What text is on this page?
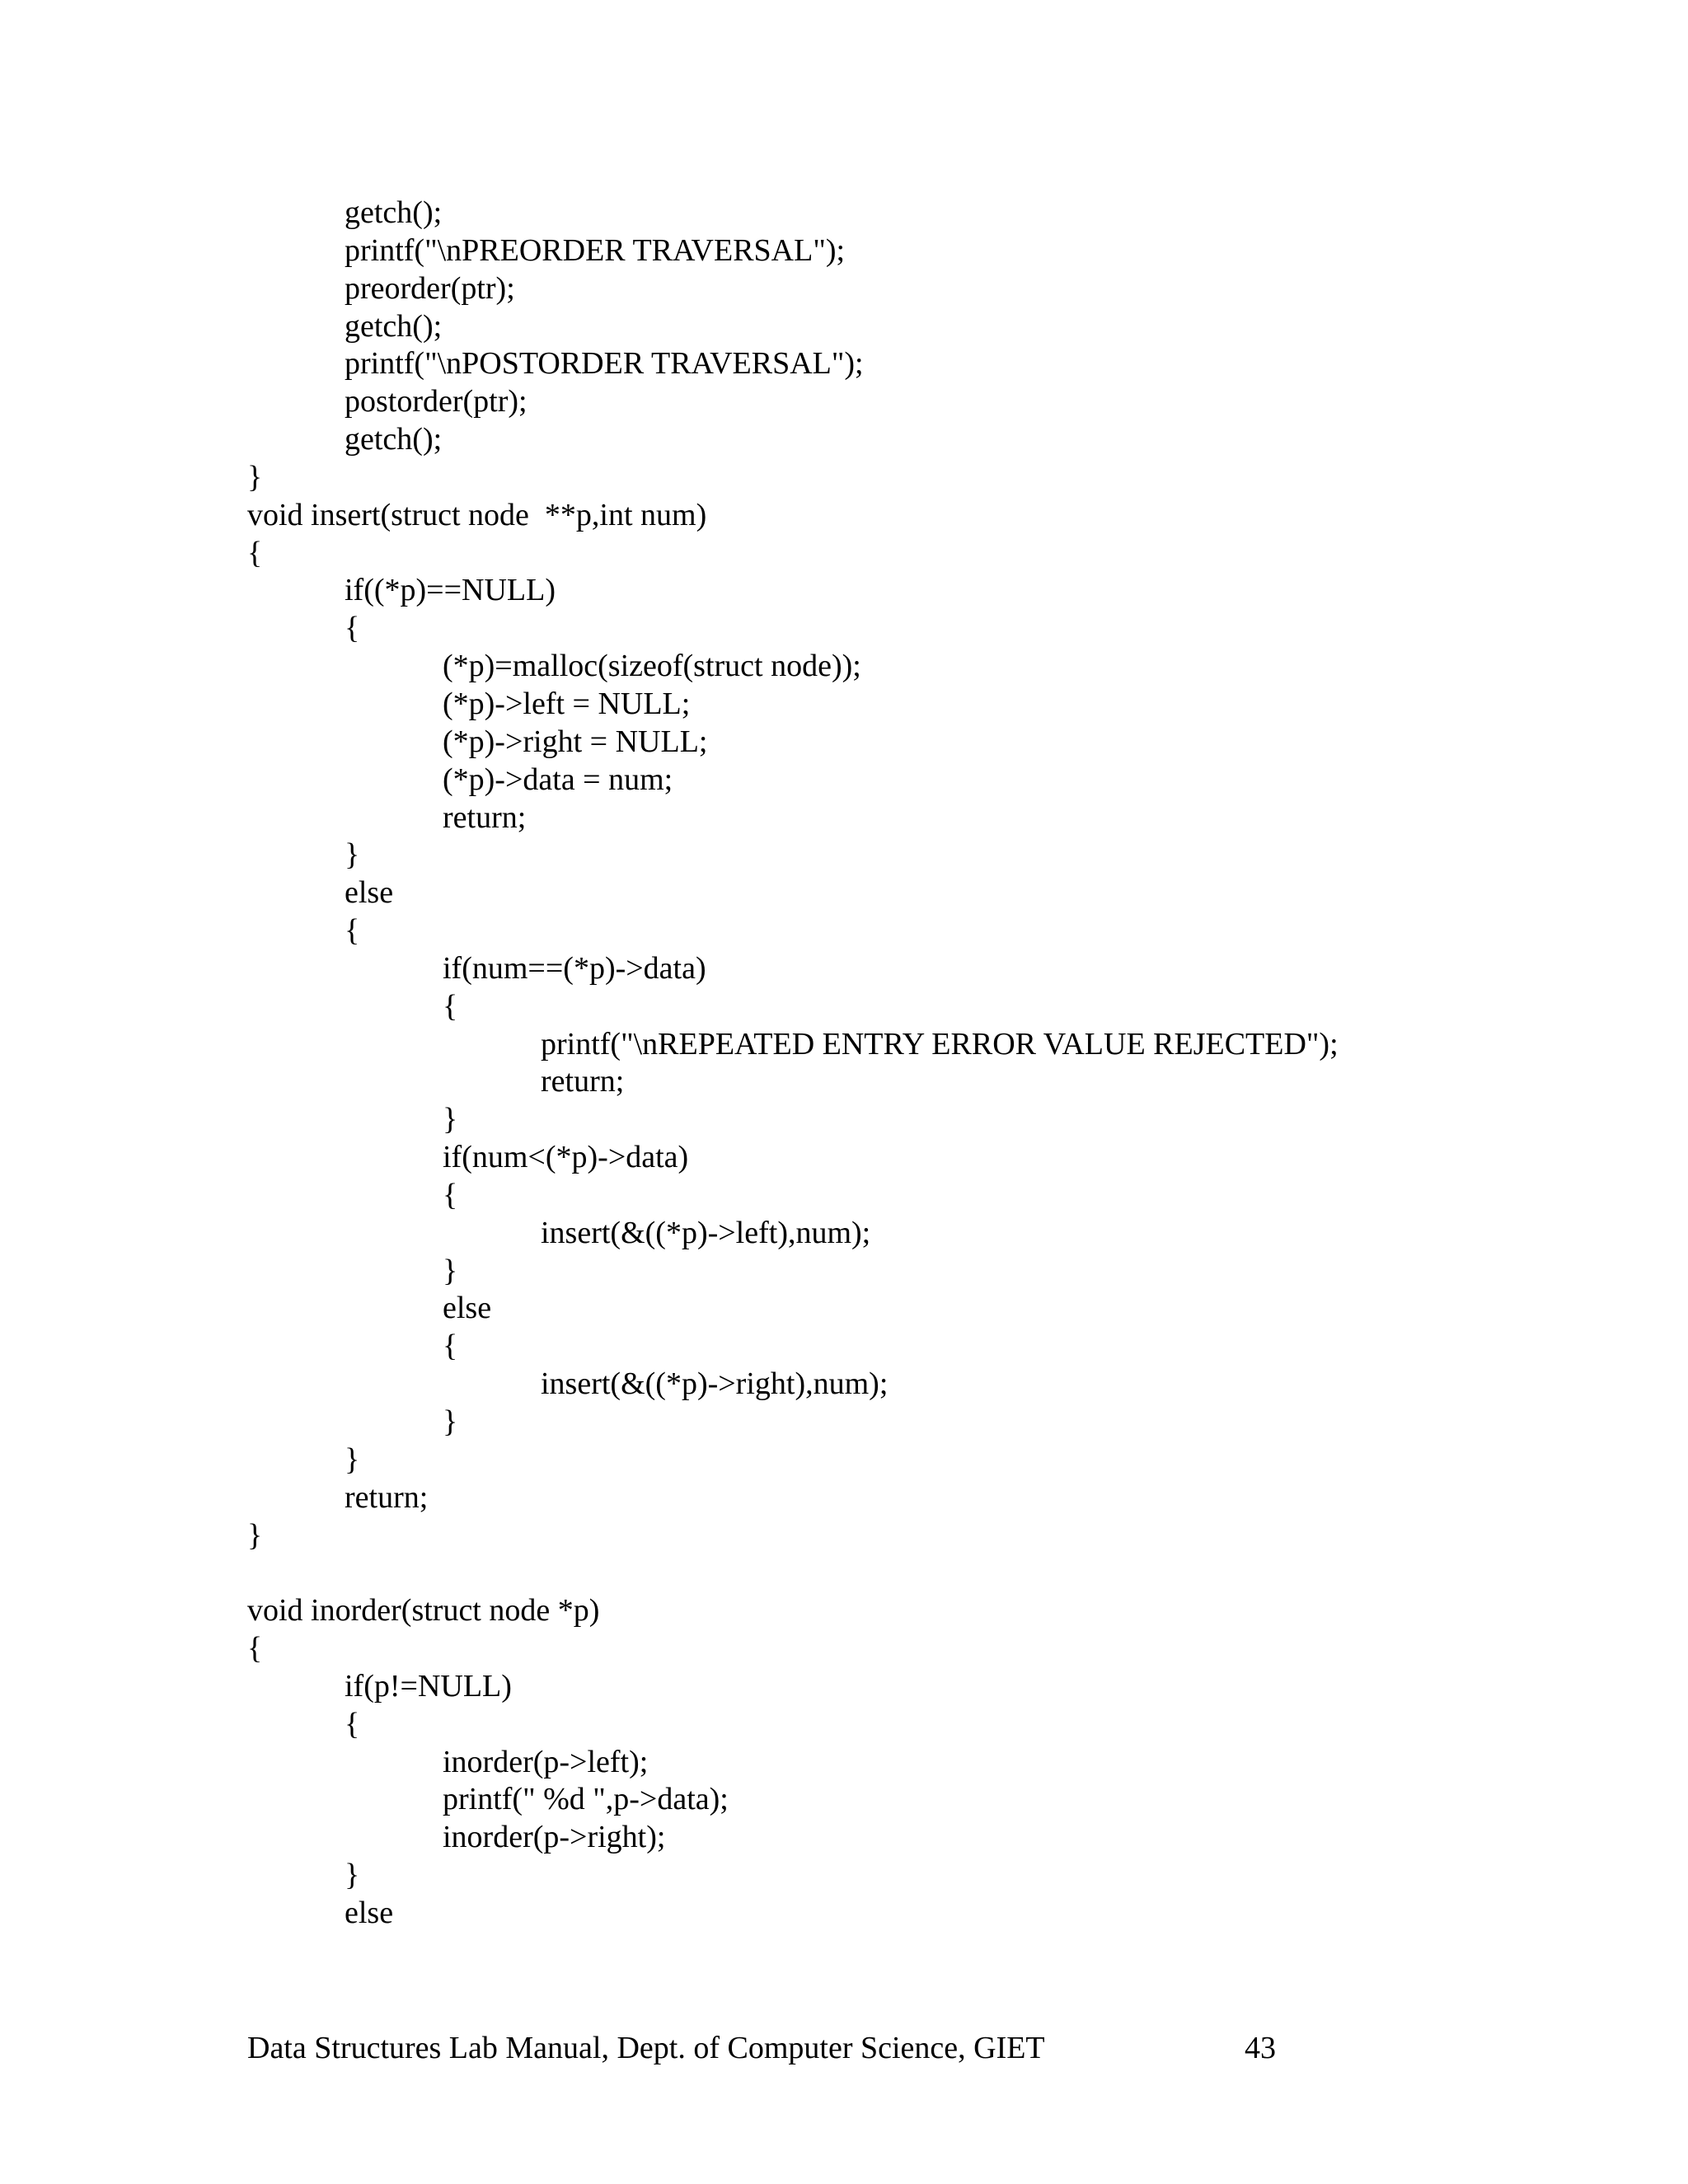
getch();
printf("\nPREORDER TRAVERSAL");
preorder(ptr);
getch();
printf("\nPOSTORDER TRAVERSAL");
postorder(ptr);
getch();
}
void insert(struct node  **p,int num)
{
if((*p)==NULL)
{
(*p)=malloc(sizeof(struct node));
(*p)->left = NULL;
(*p)->right = NULL;
(*p)->data = num;
return;
}
else
{
if(num==(*p)->data)
{
printf("\nREPEATED ENTRY ERROR VALUE REJECTED");
return;
}
if(num<(*p)->data)
{
insert(&((*p)->left),num);
}
else
{
insert(&((*p)->right),num);
}
}
return;
}
void inorder(struct node *p)
{
if(p!=NULL)
{
inorder(p->left);
printf(" %d ",p->data);
inorder(p->right);
}
else
Data Structures Lab Manual, Dept. of Computer Science, GIET	43
